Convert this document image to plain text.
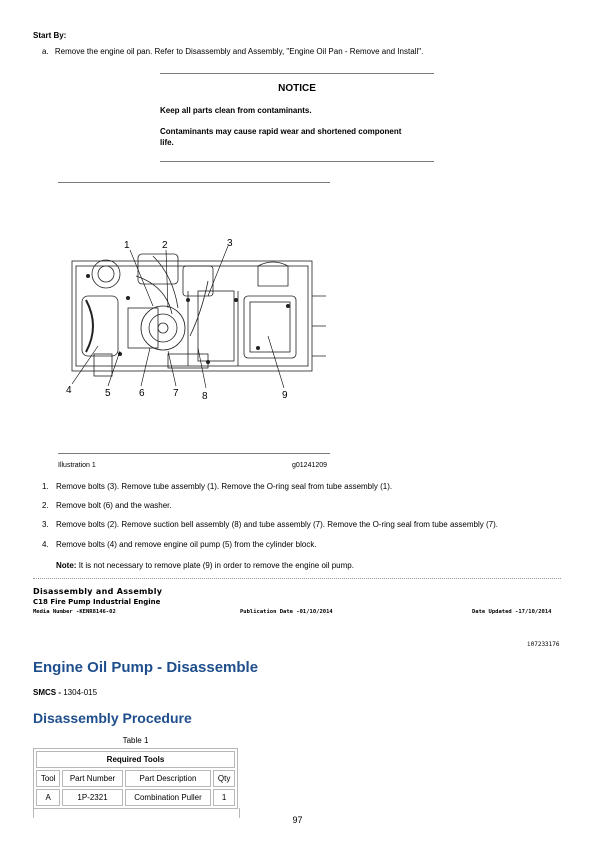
Start By:
a. Remove the engine oil pan. Refer to Disassembly and Assembly, "Engine Oil Pan - Remove and Install".
NOTICE
Keep all parts clean from contaminants.
Contaminants may cause rapid wear and shortened component
life.
1	2	3
4	5	6	7 8	9
Illustration 1	g01241209
1. Remove bolts (3). Remove tube assembly (1). Remove the O-ring seal from tube assembly (1).
2. Remove bolt (6) and the washer.
3. Remove bolts (2). Remove suction bell assembly (8) and tube assembly (7). Remove the O-ring seal from tube assembly (7).
4. Remove bolts (4) and remove engine oil pump (5) from the cylinder block.
Note: It is not necessary to remove plate (9) in order to remove the engine oil pump.
Disassembly and Assembly
C18 Fire Pump Industrial Engine
Media Number -KENR8146-02	Publication Date -01/10/2014	Date Updated -17/10/2014
i07233176
Engine Oil Pump - Disassemble
SMCS - 1304-015
Disassembly Procedure
Table 1
Required Tools			
Tool	Part Number	Part Description	Qty
A	1P-2321	Combination Puller	1
97
